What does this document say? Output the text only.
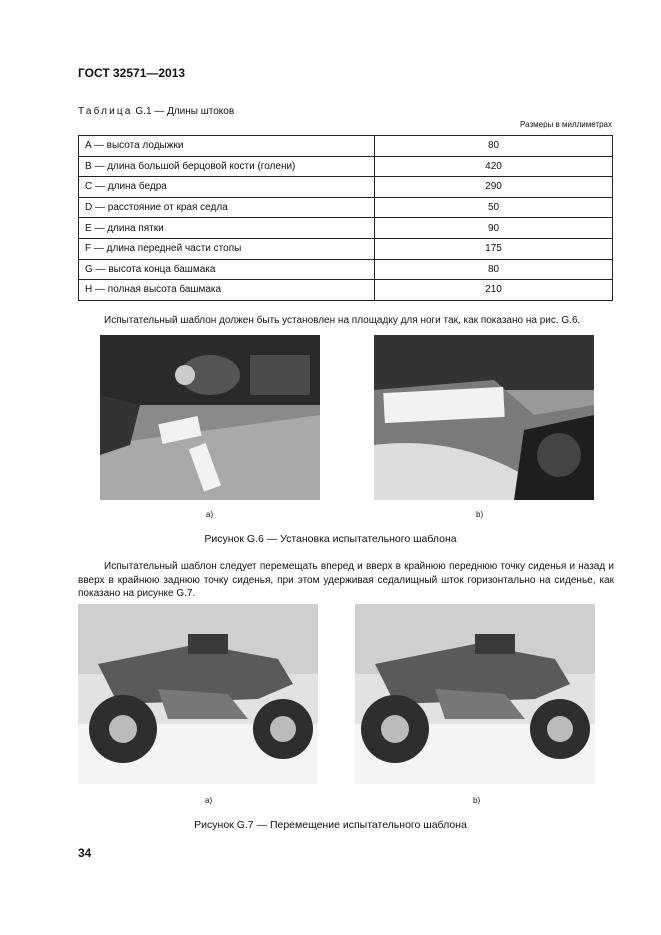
ГОСТ 32571—2013
Таблица G.1 — Длины штоков
Размеры в миллиметрах
A — высота лодыжки	80
B — длина большой берцовой кости (голени)	420
C — длина бедра	290
D — расстояние от края седла	50
E — длина пятки	90
F — длина передней части стопы	175
G — высота конца башмака	80
H — полная высота башмака	210
Испытательный шаблон должен быть установлен на площадку для ноги так, как показано на рис. G.6.
а)	b)
Рисунок G.6 — Установка испытательного шаблона
Испытательный шаблон следует перемещать вперед и вверх в крайнюю переднюю точку сиденья и назад и вверх в крайнюю заднюю точку сиденья, при этом удерживая седалищный шток горизонтально на сиденье, как показано на рисунке G.7.
а)	b)
Рисунок G.7 — Перемещение испытательного шаблона
34
